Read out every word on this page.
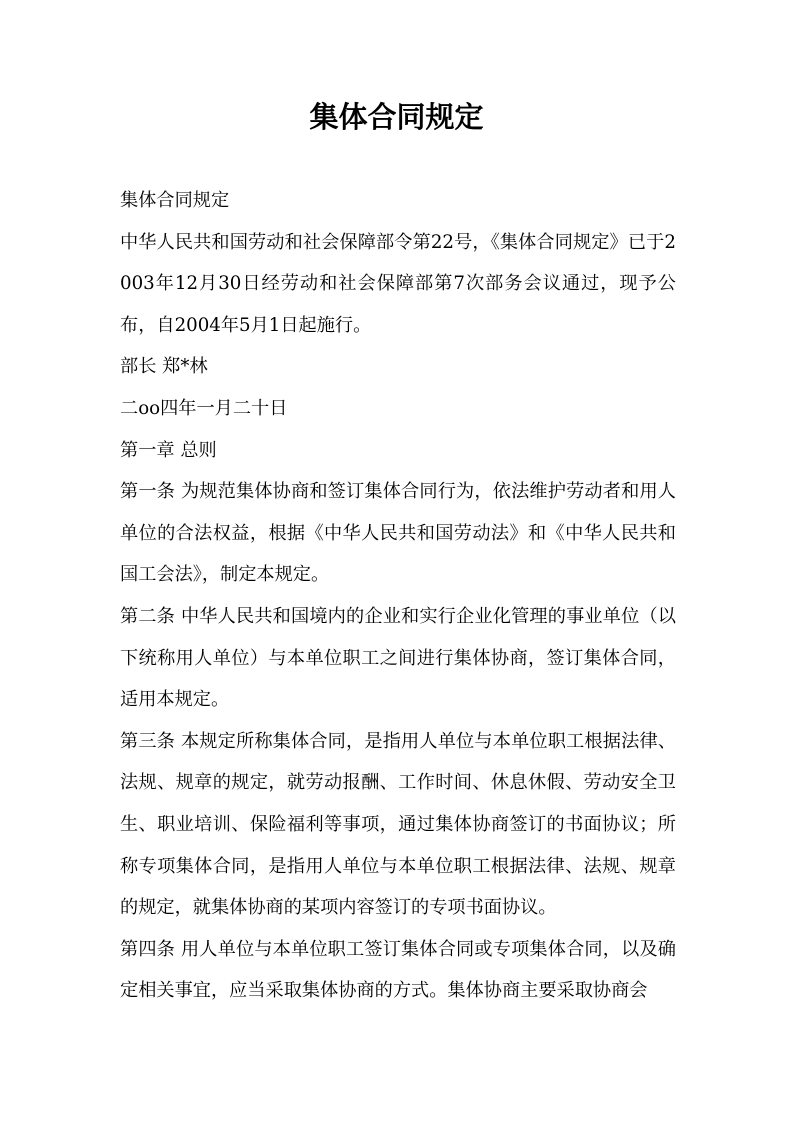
集体合同规定

集体合同规定

中华人民共和国劳动和社会保障部令第22号，《集体合同规定》已于2003年12月30日经劳动和社会保障部第7次部务会议通过，现予公布，自2004年5月1日起施行。

部长 郑*林

二oo四年一月二十日

第一章 总则

第一条 为规范集体协商和签订集体合同行为，依法维护劳动者和用人单位的合法权益，根据《中华人民共和国劳动法》和《中华人民共和国工会法》，制定本规定。

第二条 中华人民共和国境内的企业和实行企业化管理的事业单位（以下统称用人单位）与本单位职工之间进行集体协商，签订集体合同，适用本规定。

第三条 本规定所称集体合同，是指用人单位与本单位职工根据法律、法规、规章的规定，就劳动报酬、工作时间、休息休假、劳动安全卫生、职业培训、保险福利等事项，通过集体协商签订的书面协议；所称专项集体合同，是指用人单位与本单位职工根据法律、法规、规章的规定，就集体协商的某项内容签订的专项书面协议。

第四条 用人单位与本单位职工签订集体合同或专项集体合同，以及确定相关事宜，应当采取集体协商的方式。集体协商主要采取协商会
